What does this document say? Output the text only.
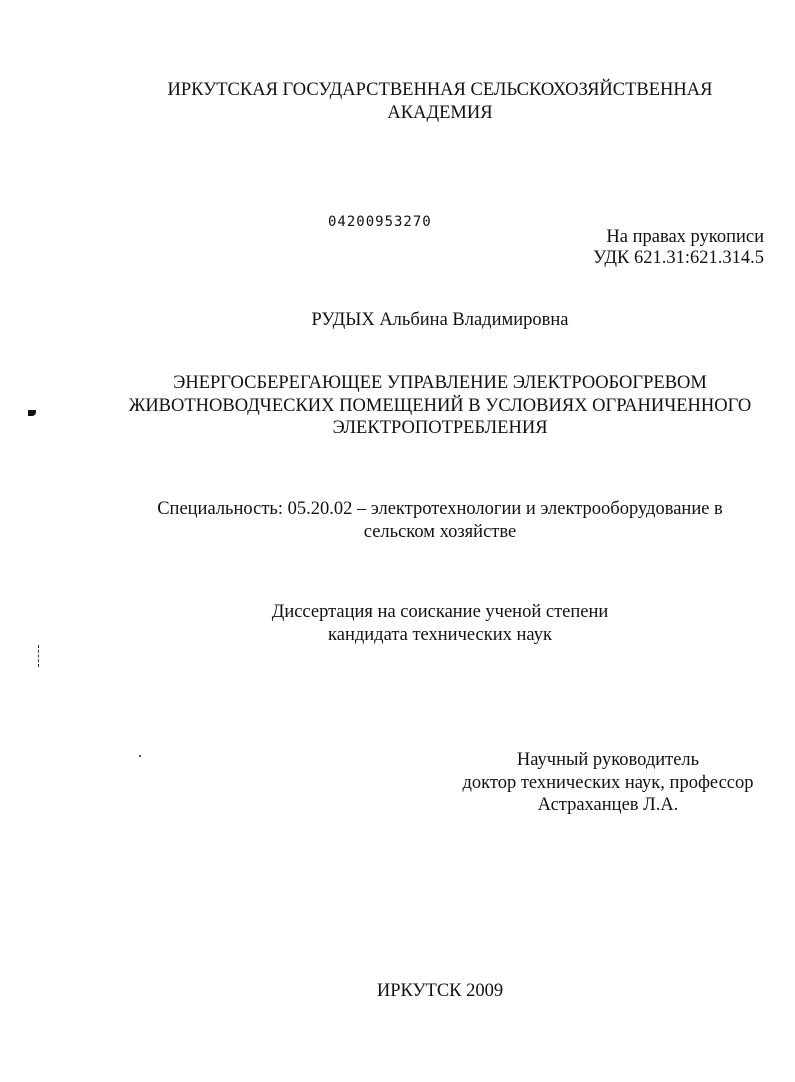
ИРКУТСКАЯ ГОСУДАРСТВЕННАЯ СЕЛЬСКОХОЗЯЙСТВЕННАЯ
АКАДЕМИЯ
04200953270
На правах рукописи
УДК 621.31:621.314.5
РУДЫХ Альбина Владимировна
ЭНЕРГОСБЕРЕГАЮЩЕЕ УПРАВЛЕНИЕ ЭЛЕКТРООБОГРЕВОМ
ЖИВОТНОВОДЧЕСКИХ ПОМЕЩЕНИЙ В УСЛОВИЯХ ОГРАНИЧЕННОГО
ЭЛЕКТРОПОТРЕБЛЕНИЯ
Специальность: 05.20.02 – электротехнологии и электрооборудование в
сельском хозяйстве
Диссертация на соискание ученой степени
кандидата технических наук
Научный руководитель
доктор технических наук, профессор
Астраханцев Л.А.
ИРКУТСК 2009
